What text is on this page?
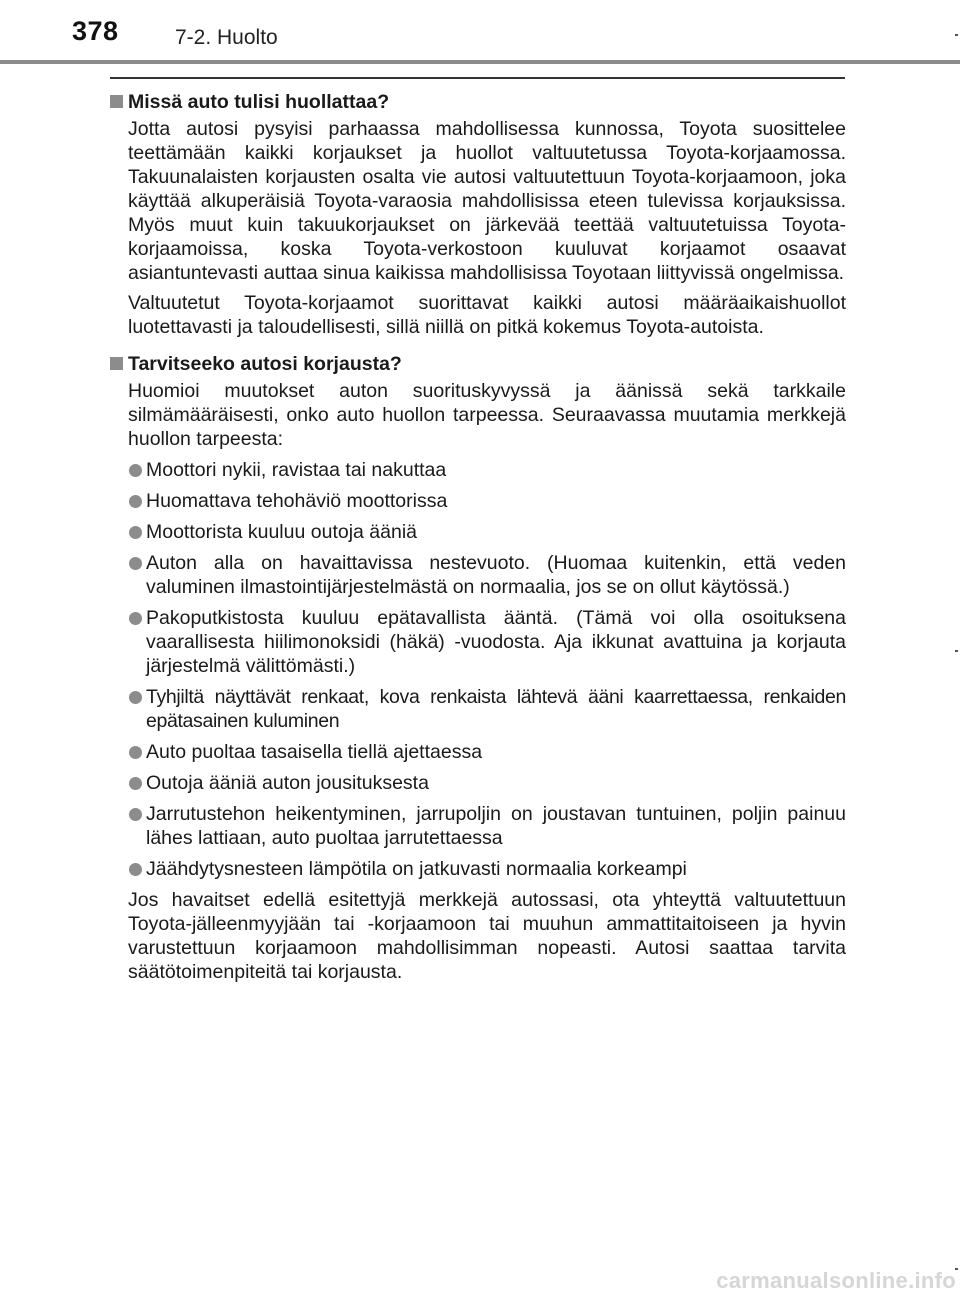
378	7-2. Huolto
Missä auto tulisi huollattaa?

Jotta autosi pysyisi parhaassa mahdollisessa kunnossa, Toyota suosittelee teettämään kaikki korjaukset ja huollot valtuutetussa Toyota-korjaamossa. Takuunalaisten korjausten osalta vie autosi valtuutettuun Toyota-korjaamoon, joka käyttää alkuperäisiä Toyota-varaosia mahdollisissa eteen tulevissa korjauksissa. Myös muut kuin takuukorjaukset on järkevää teettää valtuutetuissa Toyota-korjaamoissa, koska Toyota-verkostoon kuuluvat korjaamot osaavat asiantuntevasti auttaa sinua kaikissa mahdollisissa Toyotaan liittyvissä ongelmissa.

Valtuutetut Toyota-korjaamot suorittavat kaikki autosi määräaikaishuollot luotettavasti ja taloudellisesti, sillä niillä on pitkä kokemus Toyota-autoista.

Tarvitseeko autosi korjausta?

Huomioi muutokset auton suorituskyvyssä ja äänissä sekä tarkkaile silmämääräisesti, onko auto huollon tarpeessa. Seuraavassa muutamia merkkejä huollon tarpeesta:

Moottori nykii, ravistaa tai nakuttaa
Huomattava tehohäviö moottorissa
Moottorista kuuluu outoja ääniä
Auton alla on havaittavissa nestevuoto. (Huomaa kuitenkin, että veden valuminen ilmastointijärjestelmästä on normaalia, jos se on ollut käytössä.)
Pakoputkistosta kuuluu epätavallista ääntä. (Tämä voi olla osoituksena vaarallisesta hiilimonoksidi (häkä) -vuodosta. Aja ikkunat avattuina ja korjauta järjestelmä välittömästi.)
Tyhjiltä näyttävät renkaat, kova renkaista lähtevä ääni kaarrettaessa, renkaiden epätasainen kuluminen
Auto puoltaa tasaisella tiellä ajettaessa
Outoja ääniä auton jousituksesta
Jarrutustehon heikentyminen, jarrupoljin on joustavan tuntuinen, poljin painuu lähes lattiaan, auto puoltaa jarrutettaessa
Jäähdytysnesteen lämpötila on jatkuvasti normaalia korkeampi

Jos havaitset edellä esitettyjä merkkejä autossasi, ota yhteyttä valtuutettuun Toyota-jälleenmyyjään tai -korjaamoon tai muuhun ammattitaitoiseen ja hyvin varustettuun korjaamoon mahdollisimman nopeasti. Autosi saattaa tarvita säätötoimenpiteitä tai korjausta.

carmanualsonline.info
